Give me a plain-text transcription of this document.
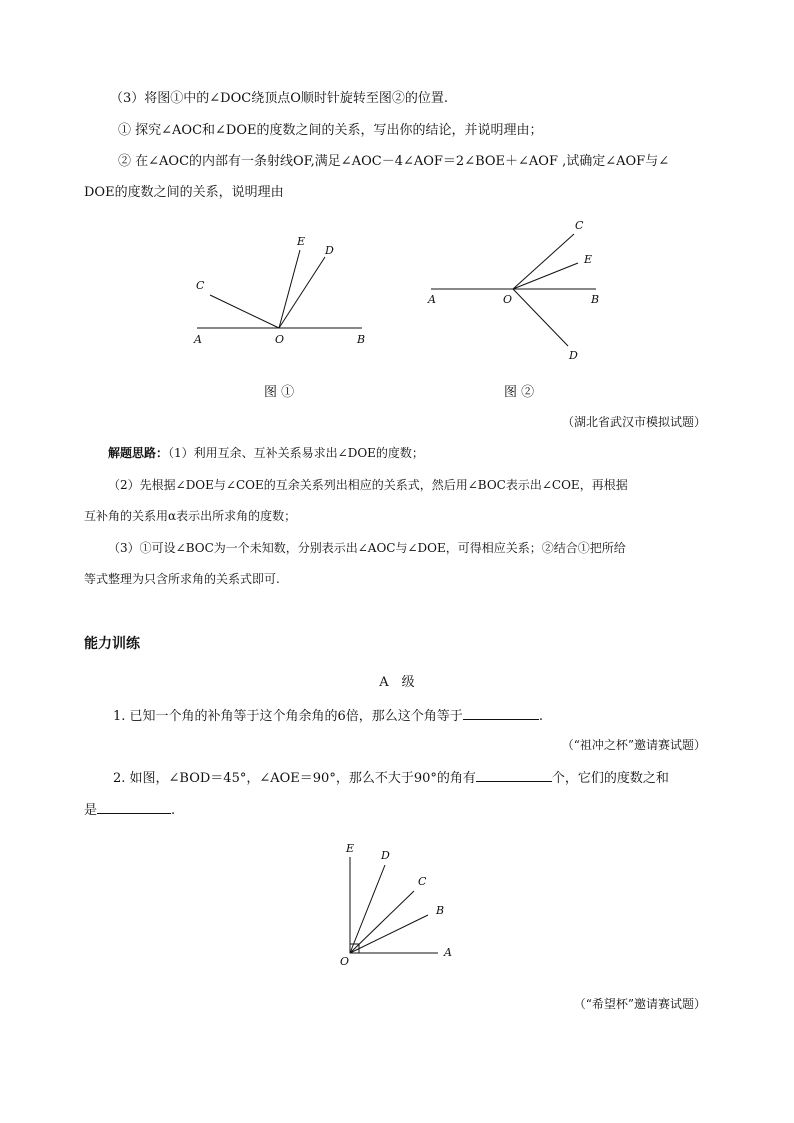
（3）将图①中的∠DOC绕顶点O顺时针旋转至图②的位置.
① 探究∠AOC和∠DOE的度数之间的关系，写出你的结论，并说明理由；
② 在∠AOC的内部有一条射线OF,满足∠AOC－4∠AOF＝2∠BOE＋∠AOF ,试确定∠AOF与∠
DOE的度数之间的关系，说明理由
E
D
C
A	O	B
图 ①
C
E
A	O	B
D
图 ②
（湖北省武汉市模拟试题）
解题思路：（1）利用互余、互补关系易求出∠DOE的度数；
（2）先根据∠DOE与∠COE的互余关系列出相应的关系式，然后用∠BOC表示出∠COE，再根据
互补角的关系用α表示出所求角的度数；
（3）①可设∠BOC为一个未知数，分别表示出∠AOC与∠DOE，可得相应关系；②结合①把所给
等式整理为只含所求角的关系式即可.
能力训练
A　级
1. 已知一个角的补角等于这个角余角的6倍，那么这个角等于	.
（“祖冲之杯”邀请赛试题）
2. 如图，∠BOD＝45°，∠AOE＝90°，那么不大于90°的角有	个，它们的度数之和
是	.
E
D
C
B
A
O
（“希望杯”邀请赛试题）
